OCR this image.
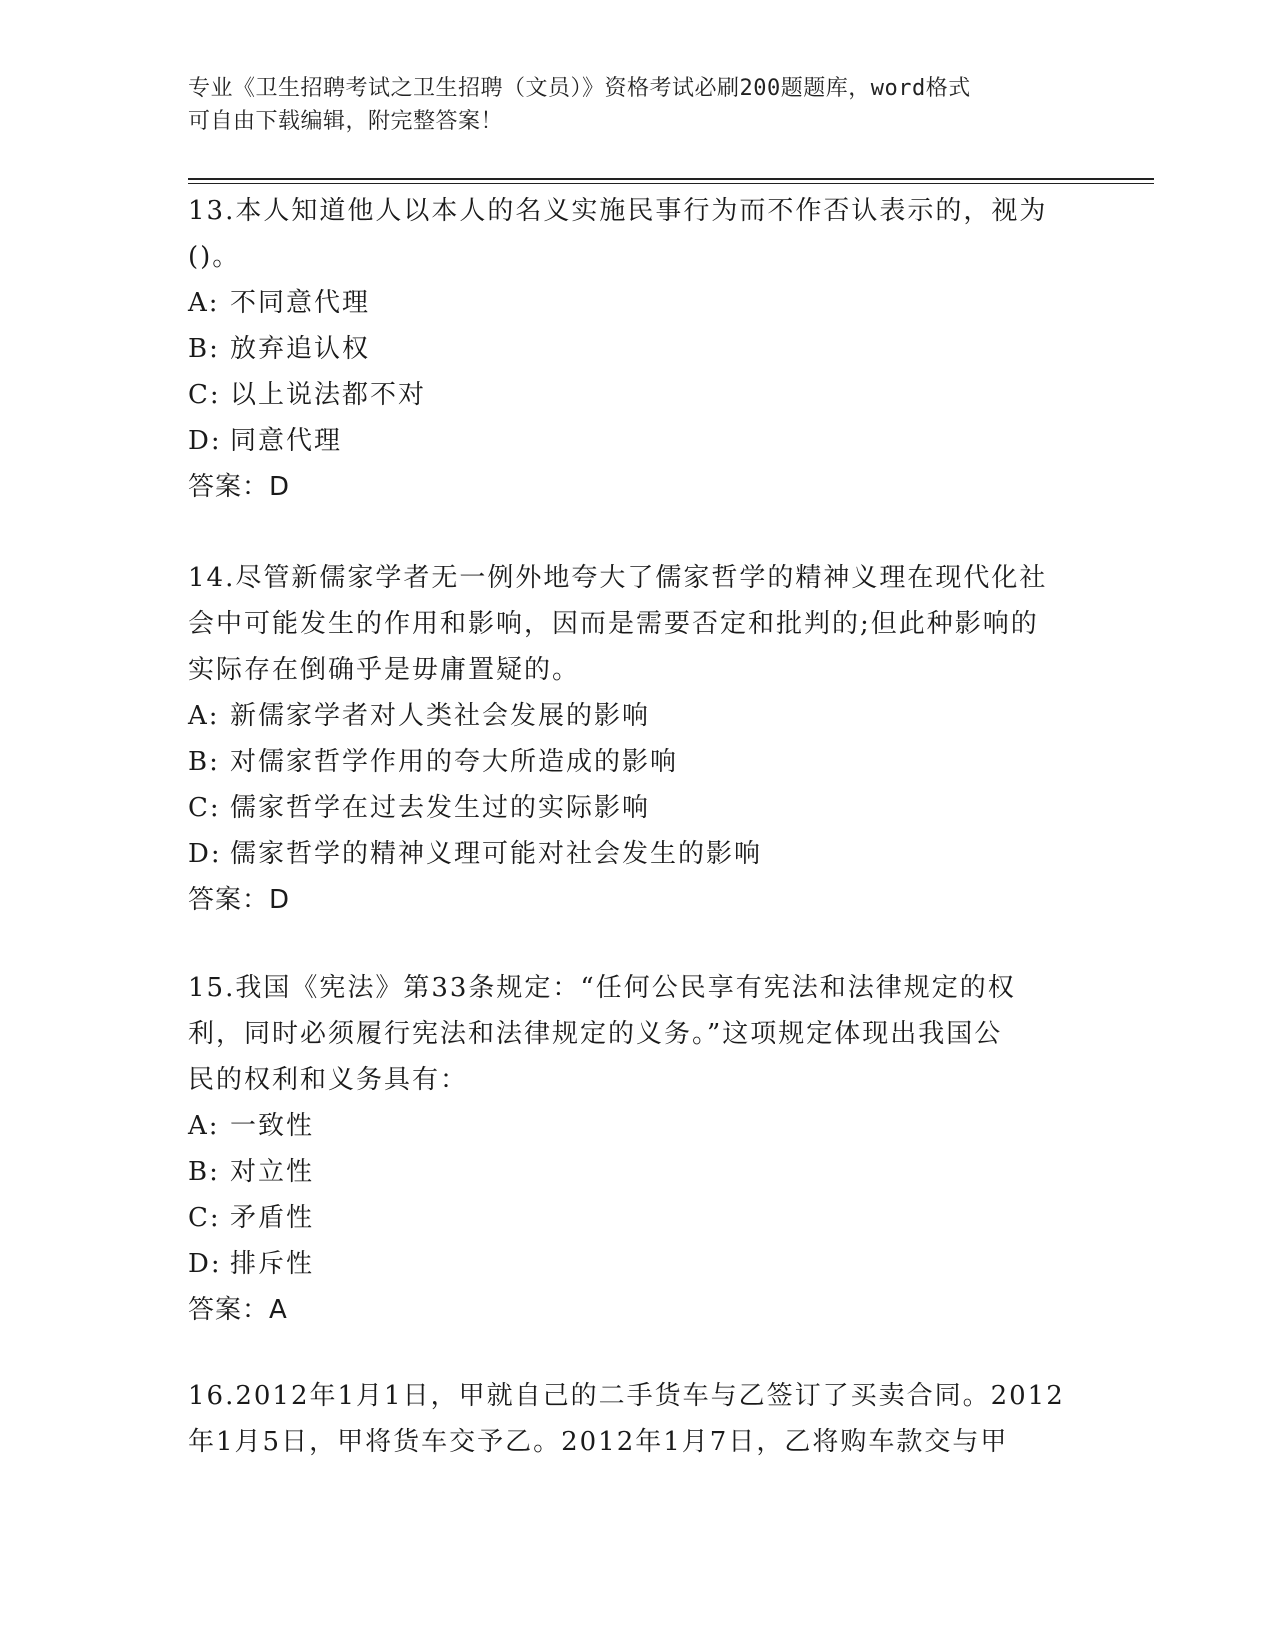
专业《卫生招聘考试之卫生招聘（文员）》资格考试必刷200题题库，word格式
可自由下载编辑，附完整答案！
13.本人知道他人以本人的名义实施民事行为而不作否认表示的，视为
()。
A: 不同意代理
B: 放弃追认权
C: 以上说法都不对
D: 同意代理
答案：D
14.尽管新儒家学者无一例外地夸大了儒家哲学的精神义理在现代化社
会中可能发生的作用和影响，因而是需要否定和批判的;但此种影响的
实际存在倒确乎是毋庸置疑的。
A: 新儒家学者对人类社会发展的影响
B: 对儒家哲学作用的夸大所造成的影响
C: 儒家哲学在过去发生过的实际影响
D: 儒家哲学的精神义理可能对社会发生的影响
答案：D
15.我国《宪法》第33条规定：“任何公民享有宪法和法律规定的权
利，同时必须履行宪法和法律规定的义务。”这项规定体现出我国公
民的权利和义务具有：
A: 一致性
B: 对立性
C: 矛盾性
D: 排斥性
答案：A
16.2012年1月1日，甲就自己的二手货车与乙签订了买卖合同。2012
年1月5日，甲将货车交予乙。2012年1月7日，乙将购车款交与甲
